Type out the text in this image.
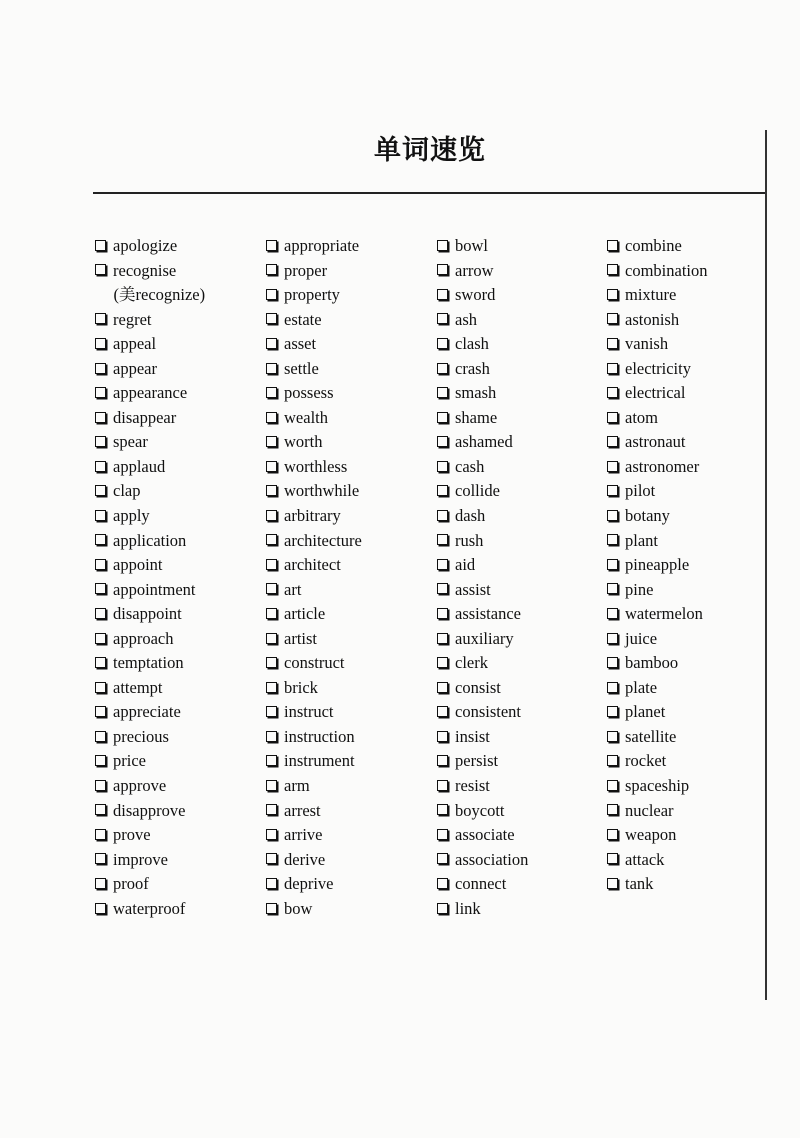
单词速览
apologize
recognise
(美recognize)
regret
appeal
appear
appearance
disappear
spear
applaud
clap
apply
application
appoint
appointment
disappoint
approach
temptation
attempt
appreciate
precious
price
approve
disapprove
prove
improve
proof
waterproof
appropriate
proper
property
estate
asset
settle
possess
wealth
worth
worthless
worthwhile
arbitrary
architecture
architect
art
article
artist
construct
brick
instruct
instruction
instrument
arm
arrest
arrive
derive
deprive
bow
bowl
arrow
sword
ash
clash
crash
smash
shame
ashamed
cash
collide
dash
rush
aid
assist
assistance
auxiliary
clerk
consist
consistent
insist
persist
resist
boycott
associate
association
connect
link
combine
combination
mixture
astonish
vanish
electricity
electrical
atom
astronaut
astronomer
pilot
botany
plant
pineapple
pine
watermelon
juice
bamboo
plate
planet
satellite
rocket
spaceship
nuclear
weapon
attack
tank
